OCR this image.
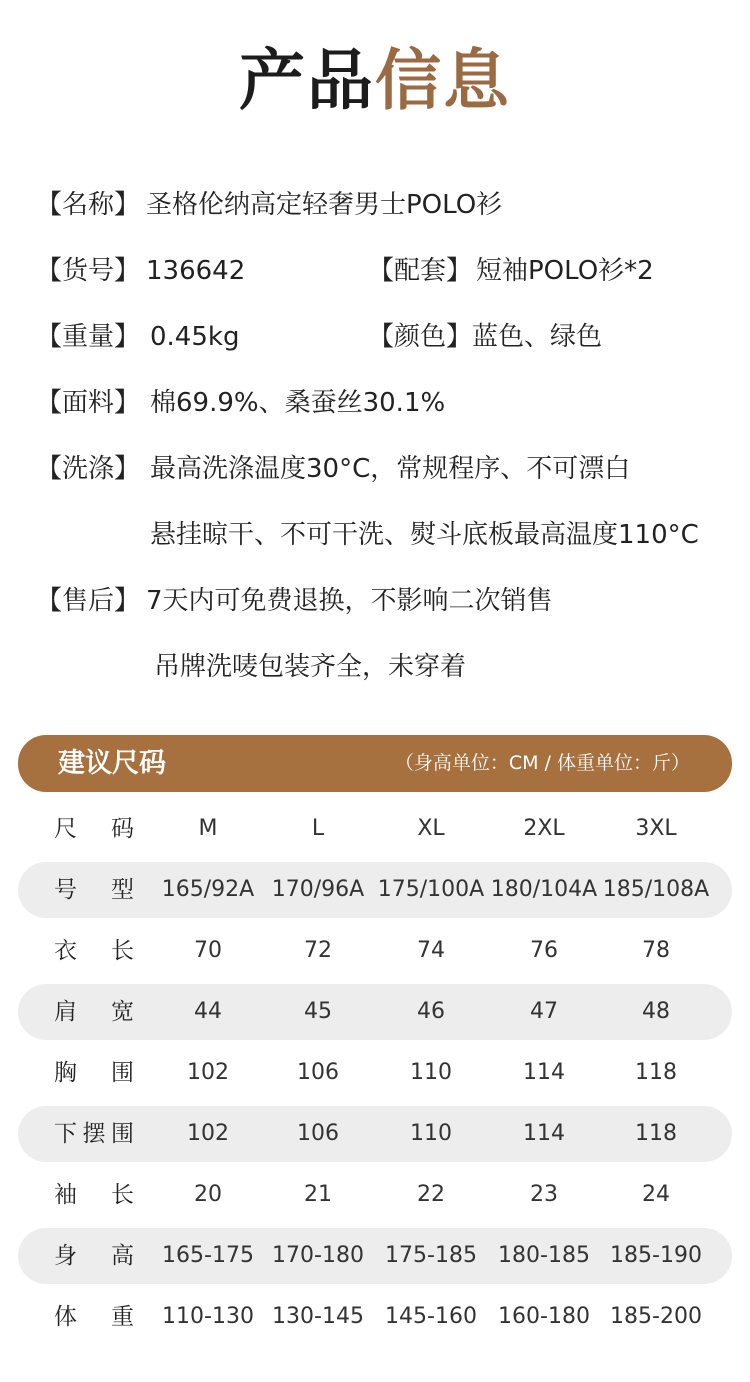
产品信息
【名称】 圣格伦纳高定轻奢男士POLO衫
【货号】 136642	【配套】 短袖POLO衫*2
【重量】 0.45kg	【颜色】 蓝色、绿色
【面料】 棉69.9%、桑蚕丝30.1%
【洗涤】 最高洗涤温度30°C，常规程序、不可漂白
悬挂晾干、不可干洗、熨斗底板最高温度110°C
【售后】 7天内可免费退换，不影响二次销售
吊牌洗唛包装齐全，未穿着
建议尺码	（身高单位：CM / 体重单位：斤）
尺码	M	L	XL	2XL	3XL
号型	165/92A 170/96A 175/100A 180/104A 185/108A
衣长	70	72	74	76	78
肩宽	44	45	46	47	48
胸围	102	106	110	114	118
下摆围	102	106	110	114	118
袖长	20	21	22	23	24
身高	165-175 170-180 175-185 180-185 185-190
体重	110-130 130-145 145-160 160-180 185-200
